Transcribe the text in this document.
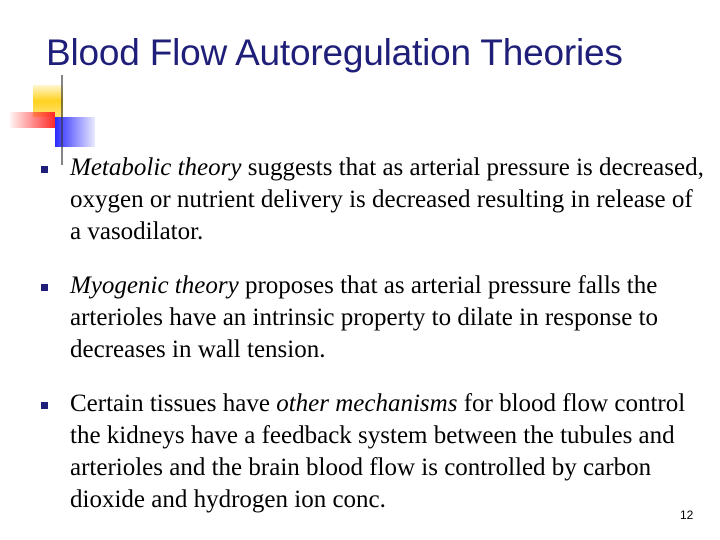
Blood Flow Autoregulation Theories
Metabolic theory suggests that as arterial pressure is decreased, oxygen or nutrient delivery is decreased resulting in release of a vasodilator.
Myogenic theory proposes that as arterial pressure falls the arterioles have an intrinsic property to dilate in response to decreases in wall tension.
Certain tissues have other mechanisms for blood flow control the kidneys have a feedback system between the tubules and arterioles and the brain blood flow is controlled by carbon dioxide and hydrogen ion conc.
12
